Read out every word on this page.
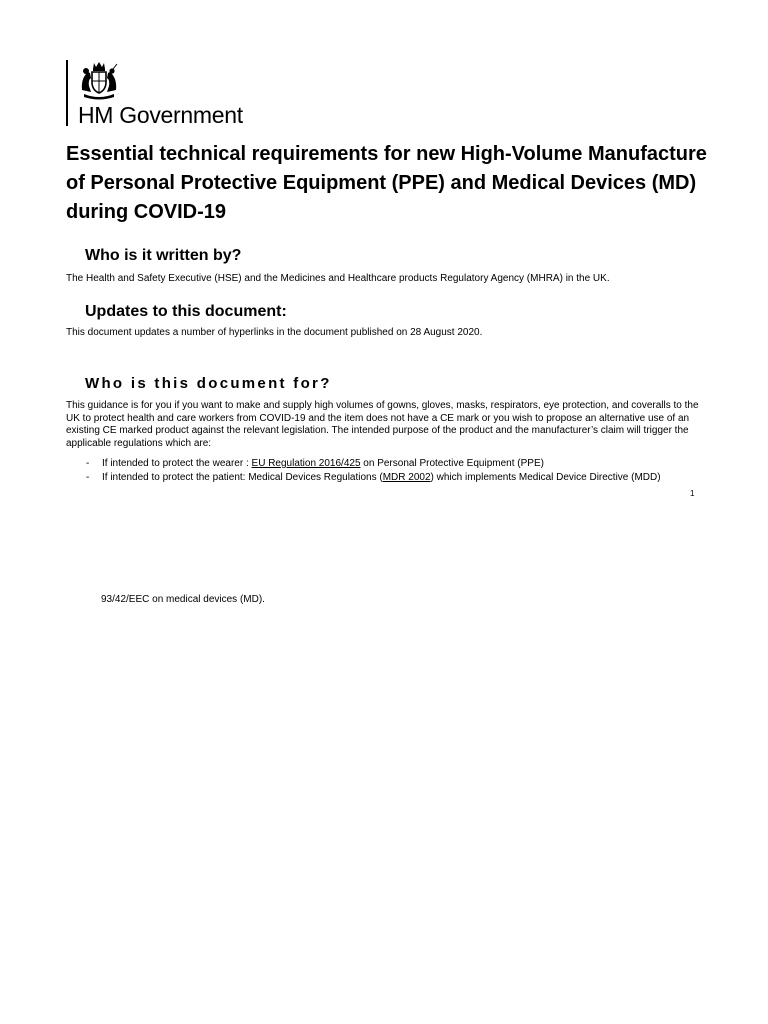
HM Government
Essential technical requirements for new High-Volume Manufacture of Personal Protective Equipment (PPE) and Medical Devices (MD) during COVID-19
Who is it written by?

The Health and Safety Executive (HSE) and the Medicines and Healthcare products Regulatory Agency (MHRA) in the UK.

Updates to this document:

This document updates a number of hyperlinks in the document published on 28 August 2020.

Who is this document for?

This guidance is for you if you want to make and supply high volumes of gowns, gloves, masks, respirators, eye protection, and coveralls to the UK to protect health and care workers from COVID-19 and the item does not have a CE mark or you wish to propose an alternative use of an existing CE marked product against the relevant legislation. The intended purpose of the product and the manufacturer’s claim will trigger the applicable regulations which are:

- If intended to protect the wearer : EU Regulation 2016/425 on Personal Protective Equipment (PPE)
- If intended to protect the patient: Medical Devices Regulations (MDR 2002) which implements Medical Device Directive (MDD)
1
93/42/EEC on medical devices (MD).
